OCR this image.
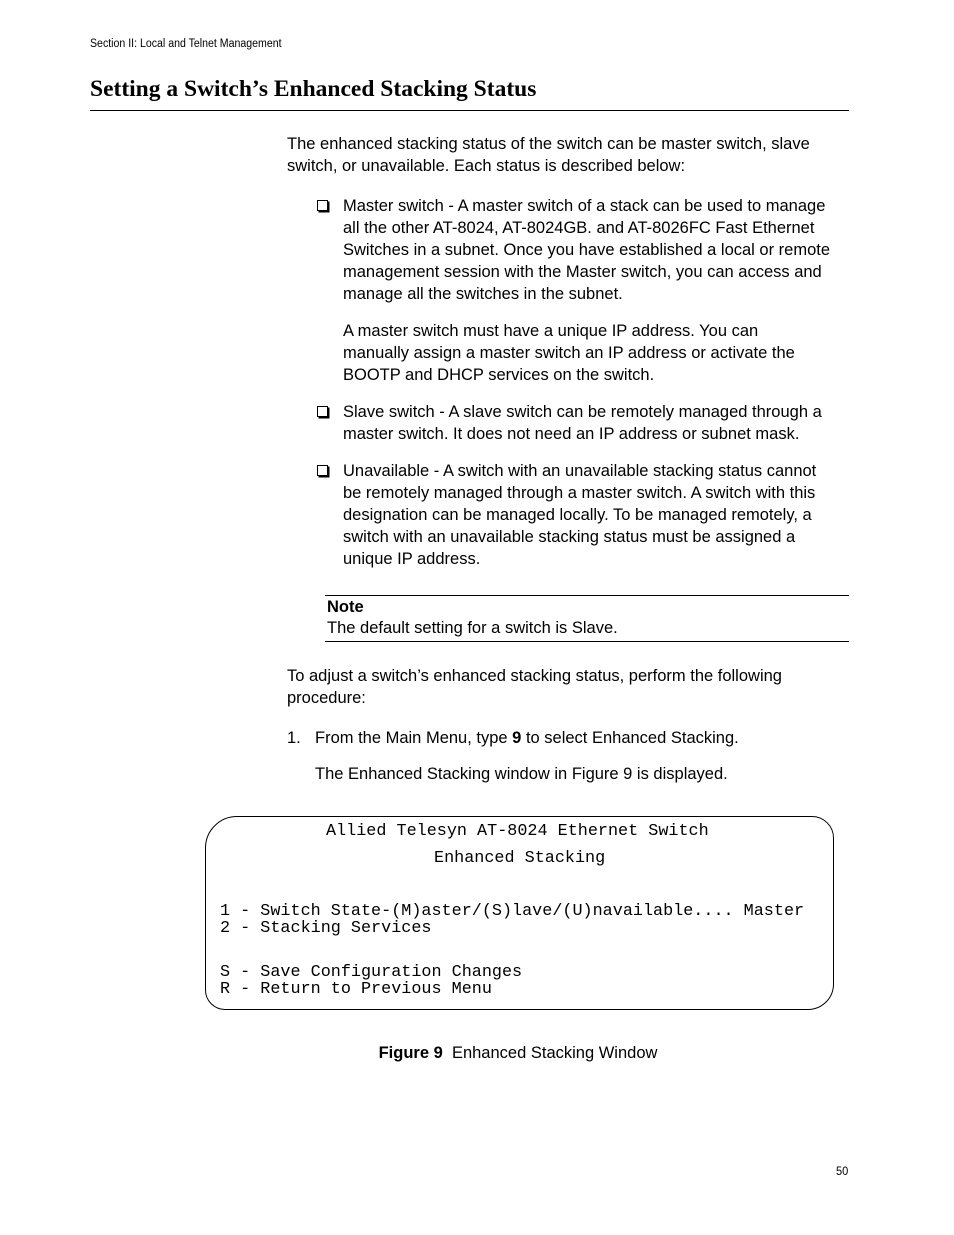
Section II: Local and Telnet Management
Setting a Switch’s Enhanced Stacking Status
The enhanced stacking status of the switch can be master switch, slave
switch, or unavailable. Each status is described below:
Master switch - A master switch of a stack can be used to manage
all the other AT-8024, AT-8024GB. and AT-8026FC Fast Ethernet
Switches in a subnet. Once you have established a local or remote
management session with the Master switch, you can access and
manage all the switches in the subnet.
A master switch must have a unique IP address. You can
manually assign a master switch an IP address or activate the
BOOTP and DHCP services on the switch.
Slave switch - A slave switch can be remotely managed through a
master switch. It does not need an IP address or subnet mask.
Unavailable - A switch with an unavailable stacking status cannot
be remotely managed through a master switch. A switch with this
designation can be managed locally. To be managed remotely, a
switch with an unavailable stacking status must be assigned a
unique IP address.
Note
The default setting for a switch is Slave.
To adjust a switch’s enhanced stacking status, perform the following
procedure:
1. From the Main Menu, type 9 to select Enhanced Stacking.
The Enhanced Stacking window in Figure 9 is displayed.
Allied Telesyn AT-8024 Ethernet Switch
Enhanced Stacking
1 - Switch State-(M)aster/(S)lave/(U)navailable.... Master
2 - Stacking Services
S - Save Configuration Changes
R - Return to Previous Menu
Figure 9 Enhanced Stacking Window
50
